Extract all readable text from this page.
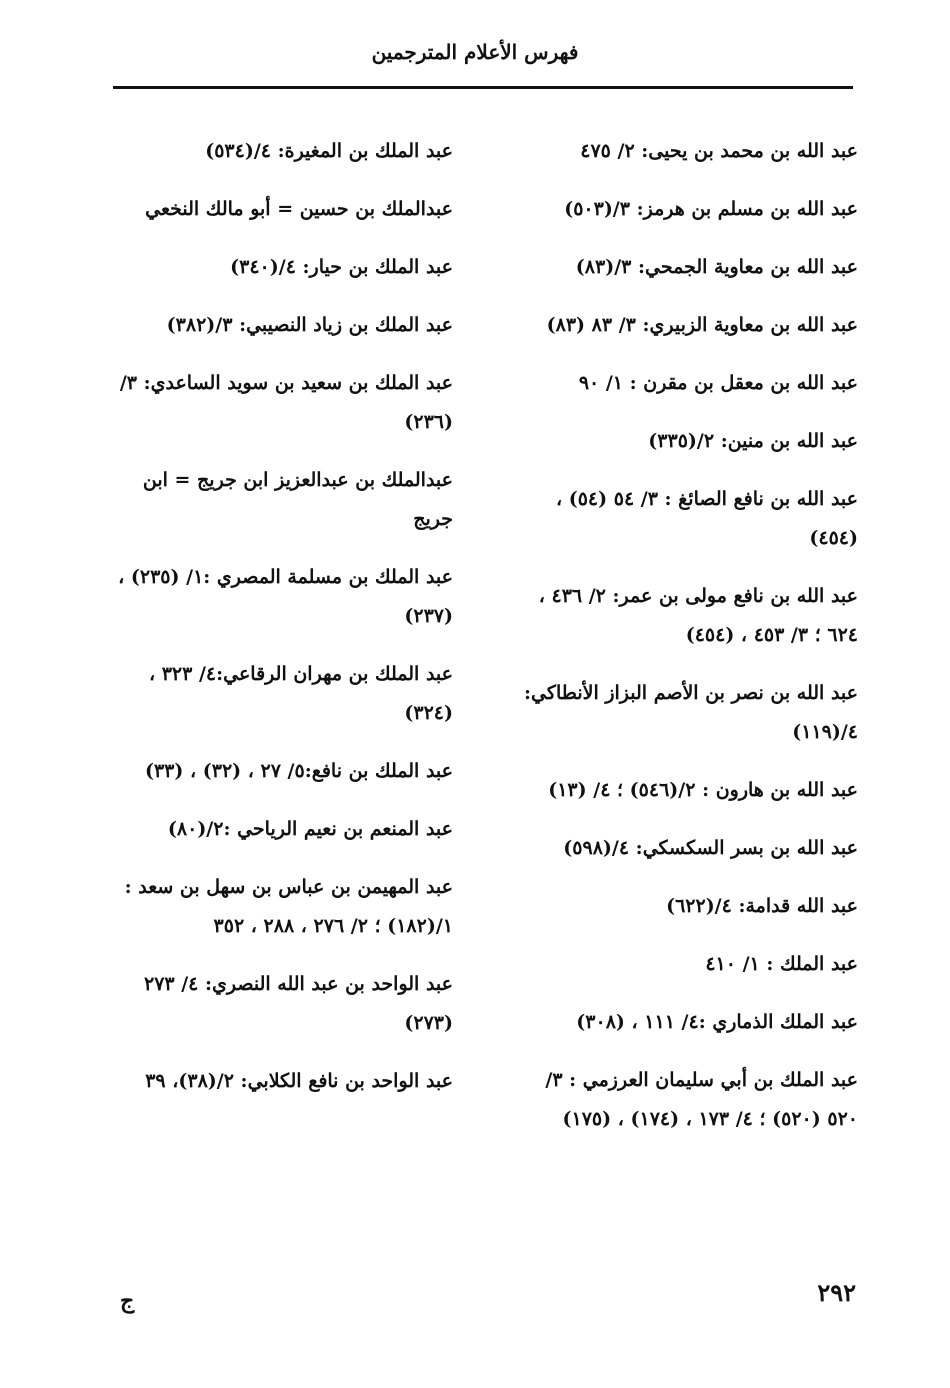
فهرس الأعلام المترجمين
عبد الله بن محمد بن يحيى: ٢/ ٤٧٥
عبد الله بن مسلم بن هرمز: ٣/(٥٠٣)
عبد الله بن معاوية الجمحي: ٣/(٨٣)
عبد الله بن معاوية الزبيري: ٣/ ٨٣ (٨٣)
عبد الله بن معقل بن مقرن : ١/ ٩٠
عبد الله بن منين: ٢/(٣٣٥)
عبد الله بن نافع الصائغ : ٣/ ٥٤ (٥٤) ، (٤٥٤)
عبد الله بن نافع مولى بن عمر: ٢/ ٤٣٦ ، ٦٢٤ ؛ ٣/ ٤٥٣ ، (٤٥٤)
عبد الله بن نصر بن الأصم البزاز الأنطاكي: ٤/(١١٩)
عبد الله بن هارون : ٢/(٥٤٦) ؛ ٤/ (١٣)
عبد الله بن بسر السكسكي: ٤/(٥٩٨)
عبد الله قدامة: ٤/(٦٢٢)
عبد الملك : ١/ ٤١٠
عبد الملك الذماري :٤/ ١١١ ، (٣٠٨)
عبد الملك بن أبي سليمان العرزمي : ٣/ ٥٢٠ (٥٢٠) ؛ ٤/ ١٧٣ ، (١٧٤) ، (١٧٥)
عبد الملك بن المغيرة: ٤/(٥٣٤)
عبدالملك بن حسين = أبو مالك النخعي
عبد الملك بن حيار: ٤/(٣٤٠)
عبد الملك بن زياد النصيبي: ٣/(٣٨٢)
عبد الملك بن سعيد بن سويد الساعدي: ٣/ (٢٣٦)
عبدالملك بن عبدالعزيز ابن جريج = ابن جريج
عبد الملك بن مسلمة المصري :١/ (٢٣٥) ، (٢٣٧)
عبد الملك بن مهران الرقاعي:٤/ ٣٢٣ ، (٣٢٤)
عبد الملك بن نافع:٥/ ٢٧ ، (٣٢) ، (٣٣)
عبد المنعم بن نعيم الرياحي :٢/(٨٠)
عبد المهيمن بن عباس بن سهل بن سعد : ١/(١٨٢) ؛ ٢/ ٢٧٦ ، ٢٨٨ ، ٣٥٢
عبد الواحد بن عبد الله النصري: ٤/ ٢٧٣ (٢٧٣)
عبد الواحد بن نافع الكلابي: ٢/(٣٨)، ٣٩
٢٩٢
ج
